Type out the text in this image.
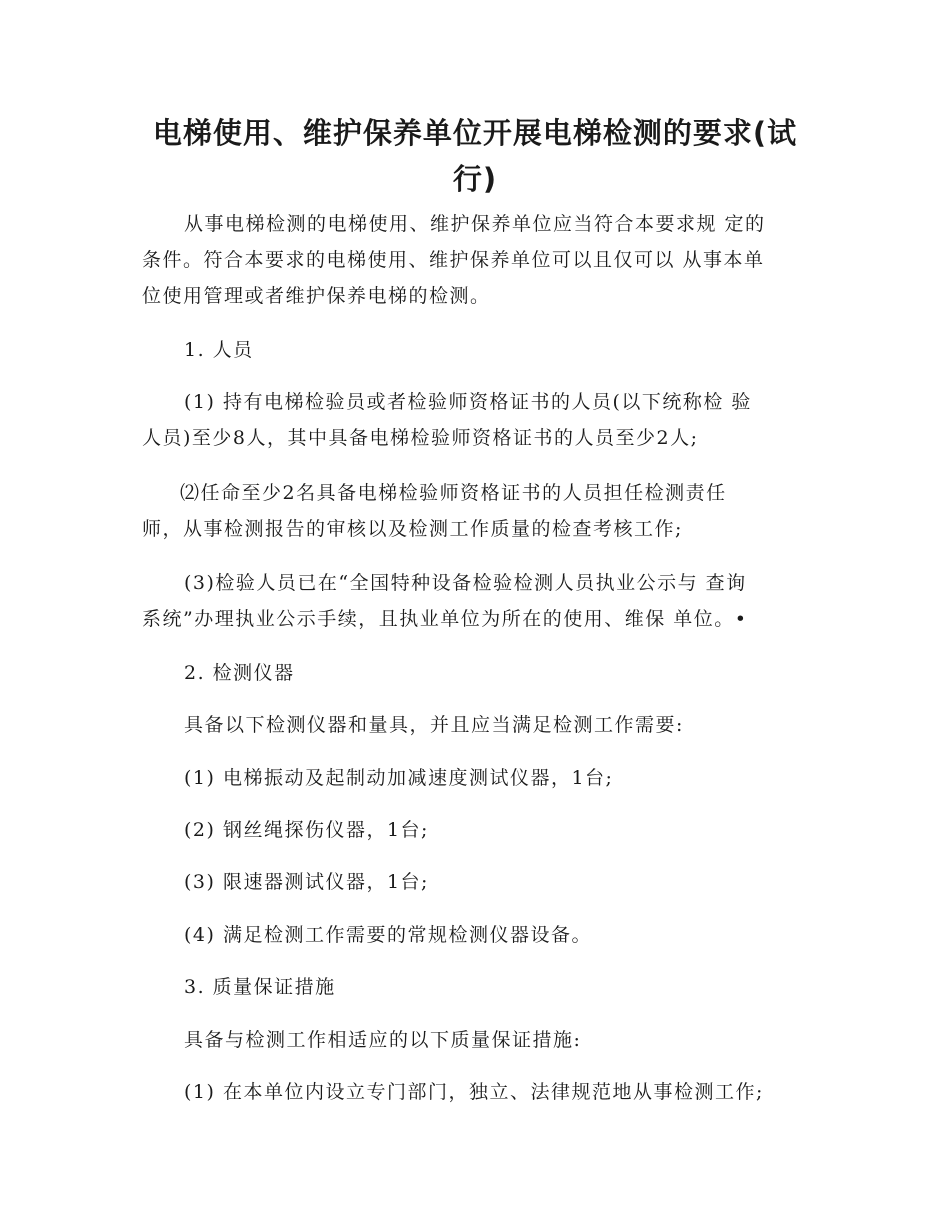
电梯使用、维护保养单位开展电梯检测的要求(试
行)

从事电梯检测的电梯使用、维护保养单位应当符合本要求规 定的
条件。符合本要求的电梯使用、维护保养单位可以且仅可以 从事本单
位使用管理或者维护保养电梯的检测。

1. 人员

(1) 持有电梯检验员或者检验师资格证书的人员(以下统称检 验
人员)至少8人，其中具备电梯检验师资格证书的人员至少2人;

⑵任命至少2名具备电梯检验师资格证书的人员担任检测责任
师，从事检测报告的审核以及检测工作质量的检查考核工作;

(3)检验人员已在“全国特种设备检验检测人员执业公示与 查询
系统”办理执业公示手续，且执业单位为所在的使用、维保 单位。•

2. 检测仪器

具备以下检测仪器和量具，并且应当满足检测工作需要:

(1) 电梯振动及起制动加减速度测试仪器，1台;

(2) 钢丝绳探伤仪器，1台;

(3) 限速器测试仪器，1台;

(4) 满足检测工作需要的常规检测仪器设备。

3. 质量保证措施

具备与检测工作相适应的以下质量保证措施:

(1) 在本单位内设立专门部门，独立、法律规范地从事检测工作;
